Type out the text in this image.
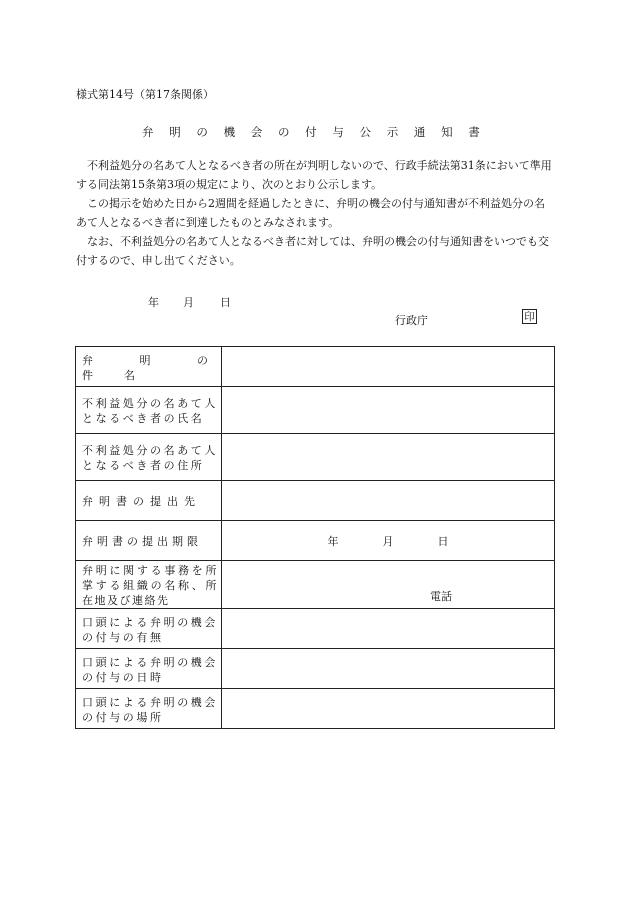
様式第14号（第17条関係）
弁 明 の 機 会 の 付 与 公 示 通 知 書

不利益処分の名あて人となるべき者の所在が判明しないので、行政手続法第31条において準用する同法第15条第3項の規定により、次のとおり公示します。

この掲示を始めた日から2週間を経過したときに、弁明の機会の付与通知書が不利益処分の名あて人となるべき者に到達したものとみなされます。

なお、不利益処分の名あて人となるべき者に対しては、弁明の機会の付与通知書をいつでも交付するので、申し出てください。

年 月 日
行政庁	印
弁　明　の　件　名	
不利益処分の名あて人となるべき者の氏名	
不利益処分の名あて人となるべき者の住所	
弁明書の提出先	
弁明書の提出期限	年 月 日

弁明に関する事務を所掌する組織の名称、所在地及び連絡先	電話

口頭による弁明の機会の付与の有無	
口頭による弁明の機会の付与の日時	
口頭による弁明の機会の付与の場所	
